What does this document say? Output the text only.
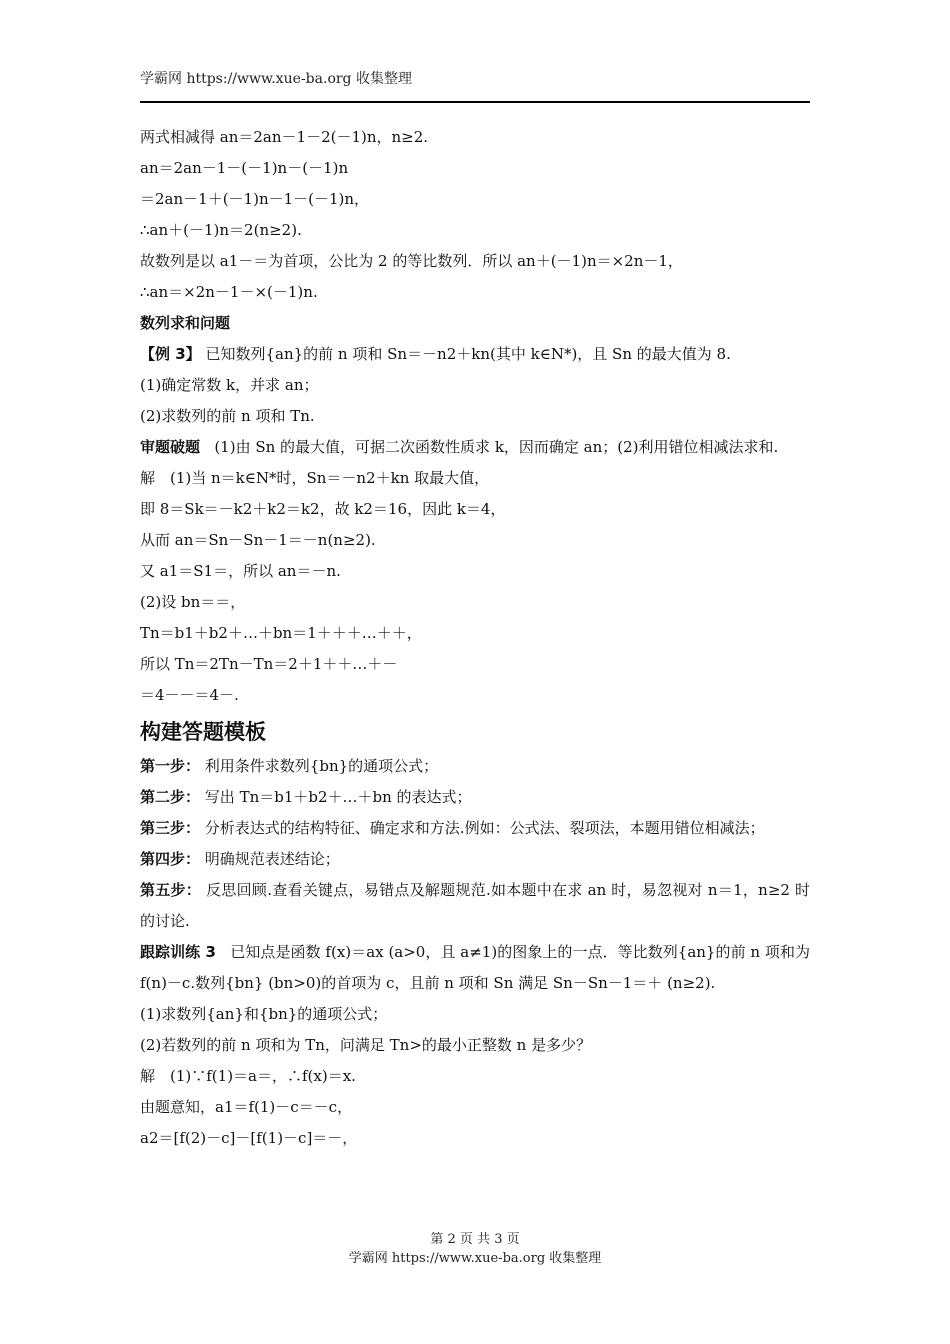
学霸网 https://www.xue-ba.org 收集整理
两式相减得 an＝2an－1－2(－1)n，n≥2.
an＝2an－1－(－1)n－(－1)n
＝2an－1＋(－1)n－1－(－1)n，
∴an＋(－1)n＝2(n≥2).
故数列是以 a1－＝为首项，公比为 2 的等比数列．所以 an＋(－1)n＝×2n－1，
∴an＝×2n－1－×(－1)n.
数列求和问题
【例 3】 已知数列{an}的前 n 项和 Sn＝－n2＋kn(其中 k∈N*)，且 Sn 的最大值为 8.
(1)确定常数 k，并求 an；
(2)求数列的前 n 项和 Tn.
审题破题 (1)由 Sn 的最大值，可据二次函数性质求 k，因而确定 an；(2)利用错位相减法求和.
解　(1)当 n＝k∈N*时，Sn＝－n2＋kn 取最大值，
即 8＝Sk＝－k2＋k2＝k2，故 k2＝16，因此 k＝4，
从而 an＝Sn－Sn－1＝－n(n≥2).
又 a1＝S1＝，所以 an＝－n.
(2)设 bn＝＝，
Tn＝b1＋b2＋…＋bn＝1＋＋＋…＋＋，
所以 Tn＝2Tn－Tn＝2＋1＋＋…＋－
＝4－－＝4－.
构建答题模板
第一步： 利用条件求数列{bn}的通项公式；
第二步： 写出 Tn＝b1＋b2＋…＋bn 的表达式；
第三步： 分析表达式的结构特征、确定求和方法.例如：公式法、裂项法，本题用错位相减法；
第四步： 明确规范表述结论；
第五步： 反思回顾.查看关键点，易错点及解题规范.如本题中在求 an 时，易忽视对 n＝1，n≥2 时的讨论.
跟踪训练 3 已知点是函数 f(x)＝ax (a>0，且 a≠1)的图象上的一点．等比数列{an}的前 n 项和为 f(n)－c.数列{bn} (bn>0)的首项为 c，且前 n 项和 Sn 满足 Sn－Sn－1＝＋ (n≥2).
(1)求数列{an}和{bn}的通项公式；
(2)若数列的前 n 项和为 Tn，问满足 Tn>的最小正整数 n 是多少？
解　(1)∵f(1)＝a＝，∴f(x)＝x.
由题意知，a1＝f(1)－c＝－c，
a2＝[f(2)－c]－[f(1)－c]＝－，
第 2 页 共 3 页
学霸网 https://www.xue-ba.org 收集整理
